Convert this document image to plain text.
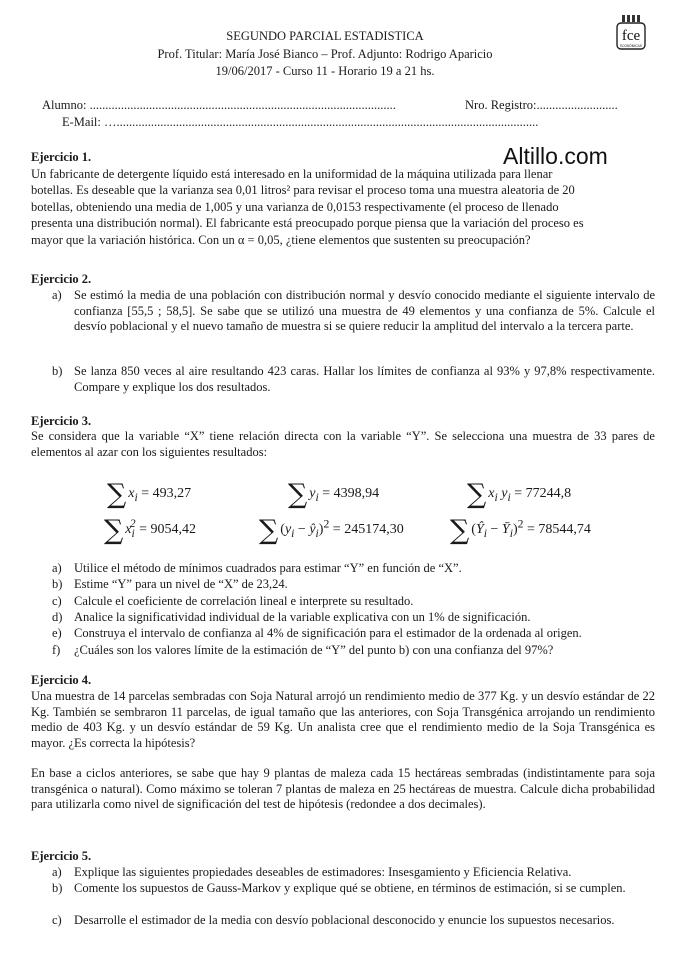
SEGUNDO PARCIAL ESTADISTICA
Prof. Titular: María José Bianco – Prof. Adjunto: Rodrigo Aparicio
19/06/2017 - Curso 11 - Horario 19 a 21 hs.
fce
ECONÓMICAS
Alumno: ..................................................................................................	Nro. Registro:..........................
E-Mail: ….......................................................................................................................................
Altillo.com
Ejercicio 1.
Un fabricante de detergente líquido está interesado en la uniformidad de la máquina utilizada para llenar
botellas. Es deseable que la varianza sea 0,01 litros² para revisar el proceso toma una muestra aleatoria de 20
botellas, obteniendo una media de 1,005 y una varianza de 0,0153 respectivamente (el proceso de llenado
presenta una distribución normal). El fabricante está preocupado porque piensa que la variación del proceso es
mayor que la variación histórica. Con un α = 0,05, ¿tiene elementos que sustenten su preocupación?
Ejercicio 2.
a) Se estimó la media de una población con distribución normal y desvío conocido mediante el siguiente intervalo de confianza [55,5 ; 58,5]. Se sabe que se utilizó una muestra de 49 elementos y una confianza de 5%. Calcule el desvío poblacional y el nuevo tamaño de muestra si se quiere reducir la amplitud del intervalo a la tercera parte.
b) Se lanza 850 veces al aire resultando 423 caras. Hallar los límites de confianza al 93% y 97,8% respectivamente. Compare y explique los dos resultados.
Ejercicio 3.

Se considera que la variable “X” tiene relación directa con la variable “Y”. Se selecciona una muestra de 33 pares de elementos al azar con los siguientes resultados:

∑ $x_i = 493,27$	∑ $y_i = 4398,94$	∑ $x_i$ $y_i = 77244,8$
∑ $x_i^2 = 9054,42$ ∑ ($y_i$ − $ŷ_i)^2 = 245174,30$ ∑ ($Ŷ_i$ − $Ȳ_i)^2 = 78544,74$
a) Utilice el método de mínimos cuadrados para estimar “Y” en función de “X”.
b) Estime “Y” para un nivel de “X” de 23,24.
c) Calcule el coeficiente de correlación lineal e interprete su resultado.
d) Analice la significatividad individual de la variable explicativa con un 1% de significación.
e) Construya el intervalo de confianza al 4% de significación para el estimador de la ordenada al origen.
f) ¿Cuáles son los valores límite de la estimación de “Y” del punto b) con una confianza del 97%?
Ejercicio 4.

Una muestra de 14 parcelas sembradas con Soja Natural arrojó un rendimiento medio de 377 Kg. y un desvío estándar de 22 Kg. También se sembraron 11 parcelas, de igual tamaño que las anteriores, con Soja Transgénica arrojando un rendimiento medio de 403 Kg. y un desvío estándar de 59 Kg. Un analista cree que el rendimiento medio de la Soja Transgénica es mayor. ¿Es correcta la hipótesis?

En base a ciclos anteriores, se sabe que hay 9 plantas de maleza cada 15 hectáreas sembradas (indistintamente para soja transgénica o natural). Como máximo se toleran 7 plantas de maleza en 25 hectáreas de muestra. Calcule dicha probabilidad para utilizarla como nivel de significación del test de hipótesis (redondee a dos decimales).

Ejercicio 5.
a) Explique las siguientes propiedades deseables de estimadores: Insesgamiento y Eficiencia Relativa.
b) Comente los supuestos de Gauss-Markov y explique qué se obtiene, en términos de estimación, si se cumplen.
c) Desarrolle el estimador de la media con desvío poblacional desconocido y enuncie los supuestos necesarios.
